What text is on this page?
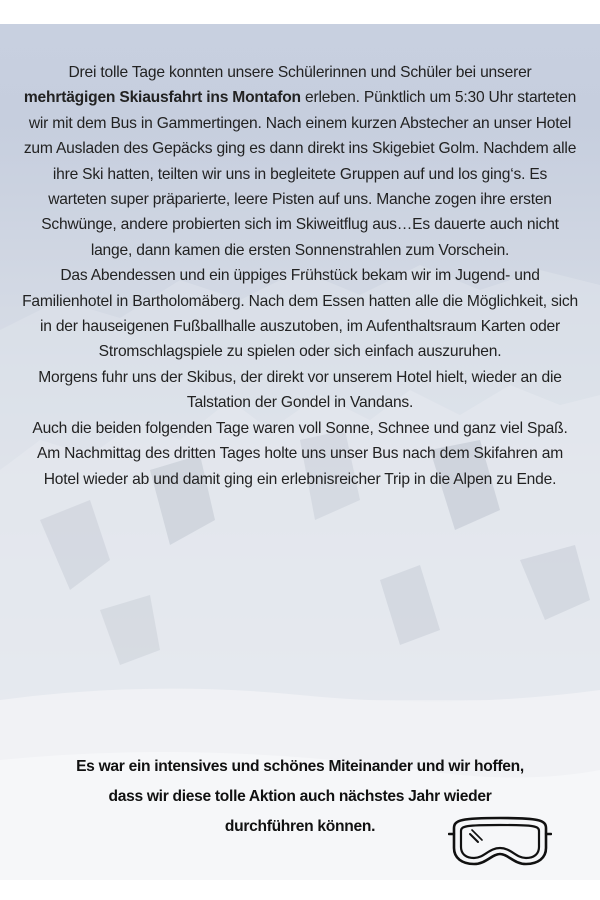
Drei tolle Tage konnten unsere Schülerinnen und Schüler bei unserer mehrtägigen Skiausfahrt ins Montafon erleben. Pünktlich um 5:30 Uhr starteten wir mit dem Bus in Gammertingen. Nach einem kurzen Abstecher an unser Hotel zum Ausladen des Gepäcks ging es dann direkt ins Skigebiet Golm. Nachdem alle ihre Ski hatten, teilten wir uns in begleitete Gruppen auf und los ging‘s. Es warteten super präparierte, leere Pisten auf uns. Manche zogen ihre ersten Schwünge, andere probierten sich im Skiweitflug aus…Es dauerte auch nicht lange, dann kamen die ersten Sonnenstrahlen zum Vorschein.

Das Abendessen und ein üppiges Frühstück bekam wir im Jugend- und Familienhotel in Bartholomäberg. Nach dem Essen hatten alle die Möglichkeit, sich in der hauseigenen Fußballhalle auszutoben, im Aufenthaltsraum Karten oder Stromschlagspiele zu spielen oder sich einfach auszuruhen.

Morgens fuhr uns der Skibus, der direkt vor unserem Hotel hielt, wieder an die Talstation der Gondel in Vandans.

Auch die beiden folgenden Tage waren voll Sonne, Schnee und ganz viel Spaß.

Am Nachmittag des dritten Tages holte uns unser Bus nach dem Skifahren am Hotel wieder ab und damit ging ein erlebnisreicher Trip in die Alpen zu Ende.

Es war ein intensives und schönes Miteinander und wir hoffen,

dass wir diese tolle Aktion auch nächstes Jahr wieder

durchführen können.
